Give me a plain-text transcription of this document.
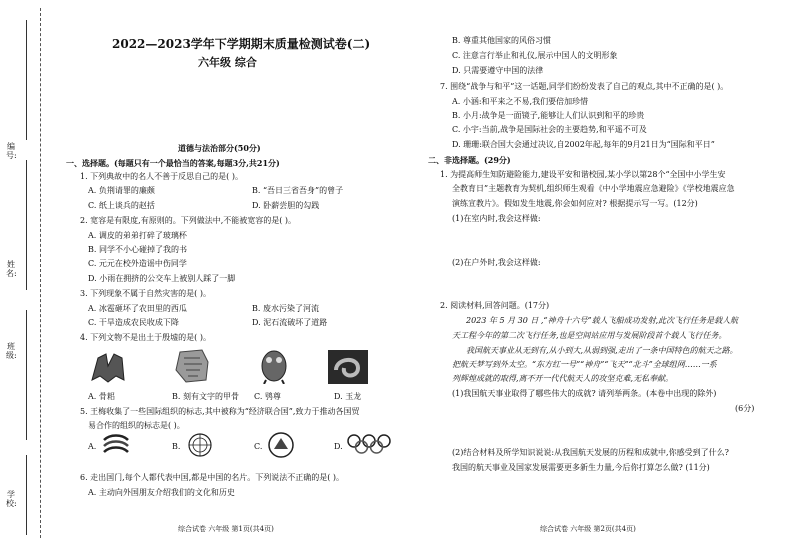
编号:
姓名:
班级:
学校:
2022—2023学年下学期期末质量检测试卷(二)
六年级 综合
道德与法治部分(50分)
一、选择题。(每题只有一个最恰当的答案,每题3分,共21分)
1. 下列典故中的名人不善于反思自己的是( )。
A. 负荆请罪的廉颇	B. “吾日三省吾身”的曾子
C. 纸上谈兵的赵括	D. 卧薪尝胆的勾践
2. 宽容是有限度,有原则的。下列做法中,不能被宽容的是( )。
A. 调皮的弟弟打碎了玻璃杯
B. 同学不小心碰掉了我的书
C. 元元在校外造谣中伤同学
D. 小雨在拥挤的公交车上被别人踩了一脚
3. 下列现象不属于自然灾害的是( )。
A. 冰雹砸坏了农田里的西瓜	B. 废水污染了河流
C. 干旱造成农民收成下降	D. 泥石流破坏了道路
4. 下列文物不是出土于殷墟的是( )。
A. 骨耜	B. 刻有文字的甲骨 C. 鸮尊	D. 玉龙
5. 王梅收集了一些国际组织的标志,其中被称为“经济联合国”,致力于推动各国贸
易合作的组织的标志是( )。
A.	B.	C.	D.
6. 走出国门,每个人都代表中国,都是中国的名片。下列说法不正确的是( )。
A. 主动向外国朋友介绍我们的文化和历史
综合试卷 六年级 第1页(共4页)
B. 尊重其他国家的风俗习惯
C. 注意言行举止和礼仪,展示中国人的文明形象
D. 只需要遵守中国的法律
7. 围绕“战争与和平”这一话题,同学们纷纷发表了自己的观点,其中不正确的是( )。
A. 小涵:和平来之不易,我们要倍加珍惜
B. 小月:战争是一面镜子,能够让人们认识到和平的珍贵
C. 小宇:当前,战争是国际社会的主要趋势,和平遥不可及
D. 珊珊:联合国大会通过决议,自2002年起,每年的9月21日为“国际和平日”
二、非选择题。(29分)
1. 为提高师生知防避险能力,建设平安和谐校园,某小学以第28个“全国中小学生安
全教育日”主题教育为契机,组织师生观看《中小学地震应急避险》《学校地震应急
演练宣教片》。假如发生地震,你会如何应对? 根据提示写一写。(12分)
(1)在室内时,我会这样做:
(2)在户外时,我会这样做:
2. 阅读材料,回答问题。(17分)
2023 年 5 月 30 日 ,“神舟十六号”载人飞船成功发射,此次飞行任务是载人航
天工程今年的第二次飞行任务,也是空间站应用与发展阶段首个载人飞行任务。
我国航天事业从无到有,从小到大,从弱到强,走出了一条中国特色的航天之路。
把航天梦写到外太空。“东方红一号”“神舟”“飞天”“北斗”全球组网……一系
列辉煌成就的取得,离不开一代代航天人的攻坚克难,无私奉献。
(1)我国航天事业取得了哪些伟大的成就? 请列举两条。(本卷中出现的除外)
(6分)
(2)结合材料及所学知识说说:从我国航天发展的历程和成就中,你感受到了什么?
我国的航天事业及国家发展需要更多新生力量,今后你打算怎么做? (11分)
综合试卷 六年级 第2页(共4页)
